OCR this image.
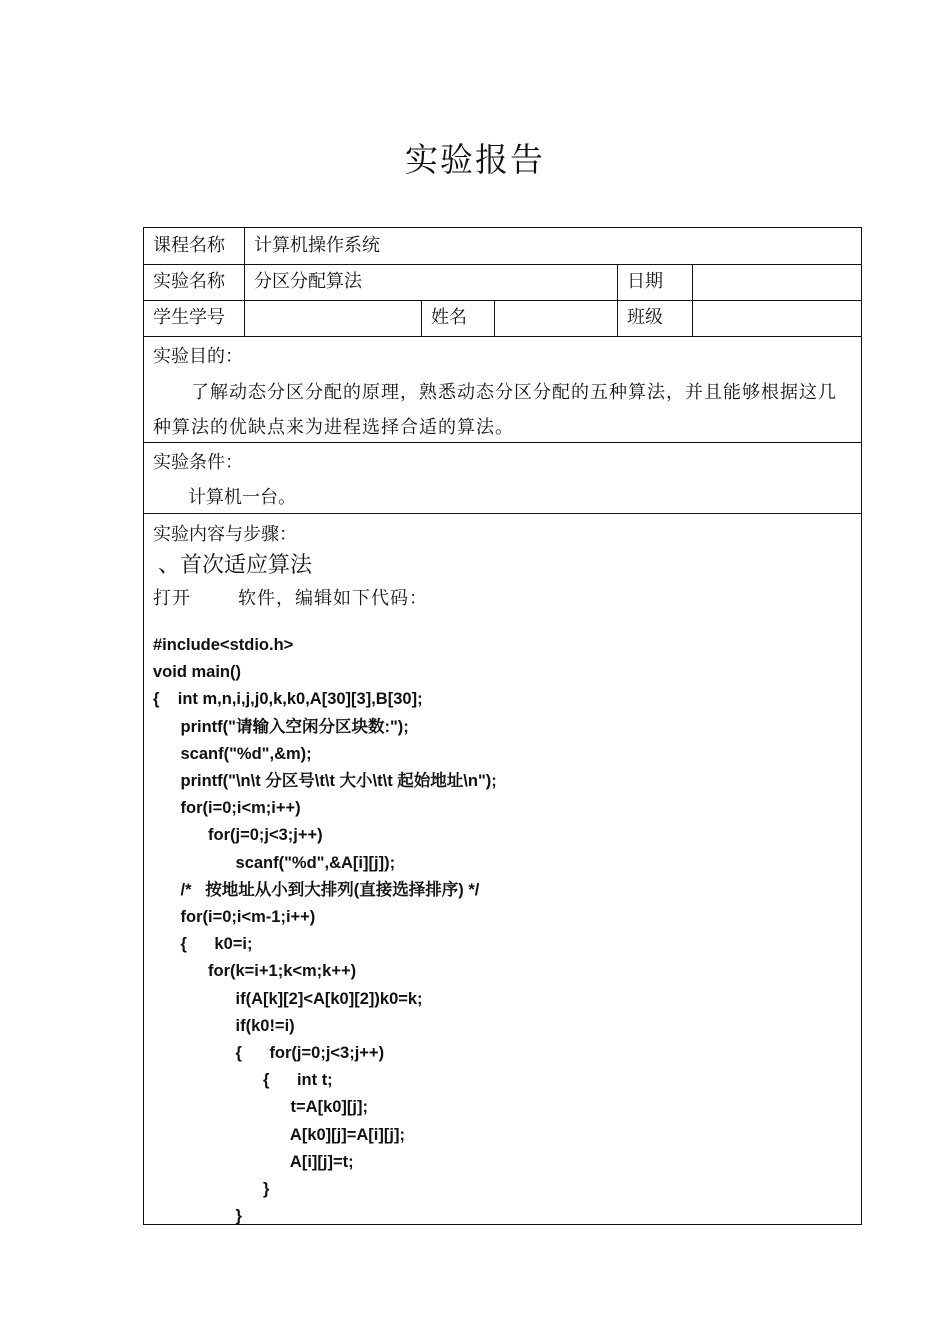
实验报告
课程名称 计算机操作系统
实验名称 分区分配算法	日期
学生学号	姓名	班级
实验目的：
　　了解动态分区分配的原理，熟悉动态分区分配的五种算法，并且能够根据这几种算法的优缺点来为进程选择合适的算法。
实验条件：
　计算机一台。
实验内容与步骤：
、首次适应算法
打开       软件，编辑如下代码：
#include<stdio.h>
void main()
{    int m,n,i,j,j0,k,k0,A[30][3],B[30];
printf("请输入空闲分区块数:");
scanf("%d",&m);
printf("\n\t 分区号\t\t 大小\t\t 起始地址\n");
for(i=0;i<m;i++)
for(j=0;j<3;j++)
scanf("%d",&A[i][j]);
/*   按地址从小到大排列(直接选择排序) */
for(i=0;i<m-1;i++)
{      k0=i;
for(k=i+1;k<m;k++)
if(A[k][2]<A[k0][2])k0=k;
if(k0!=i)
{      for(j=0;j<3;j++)
{      int t;
t=A[k0][j];
A[k0][j]=A[i][j];
A[i][j]=t;
}
}
